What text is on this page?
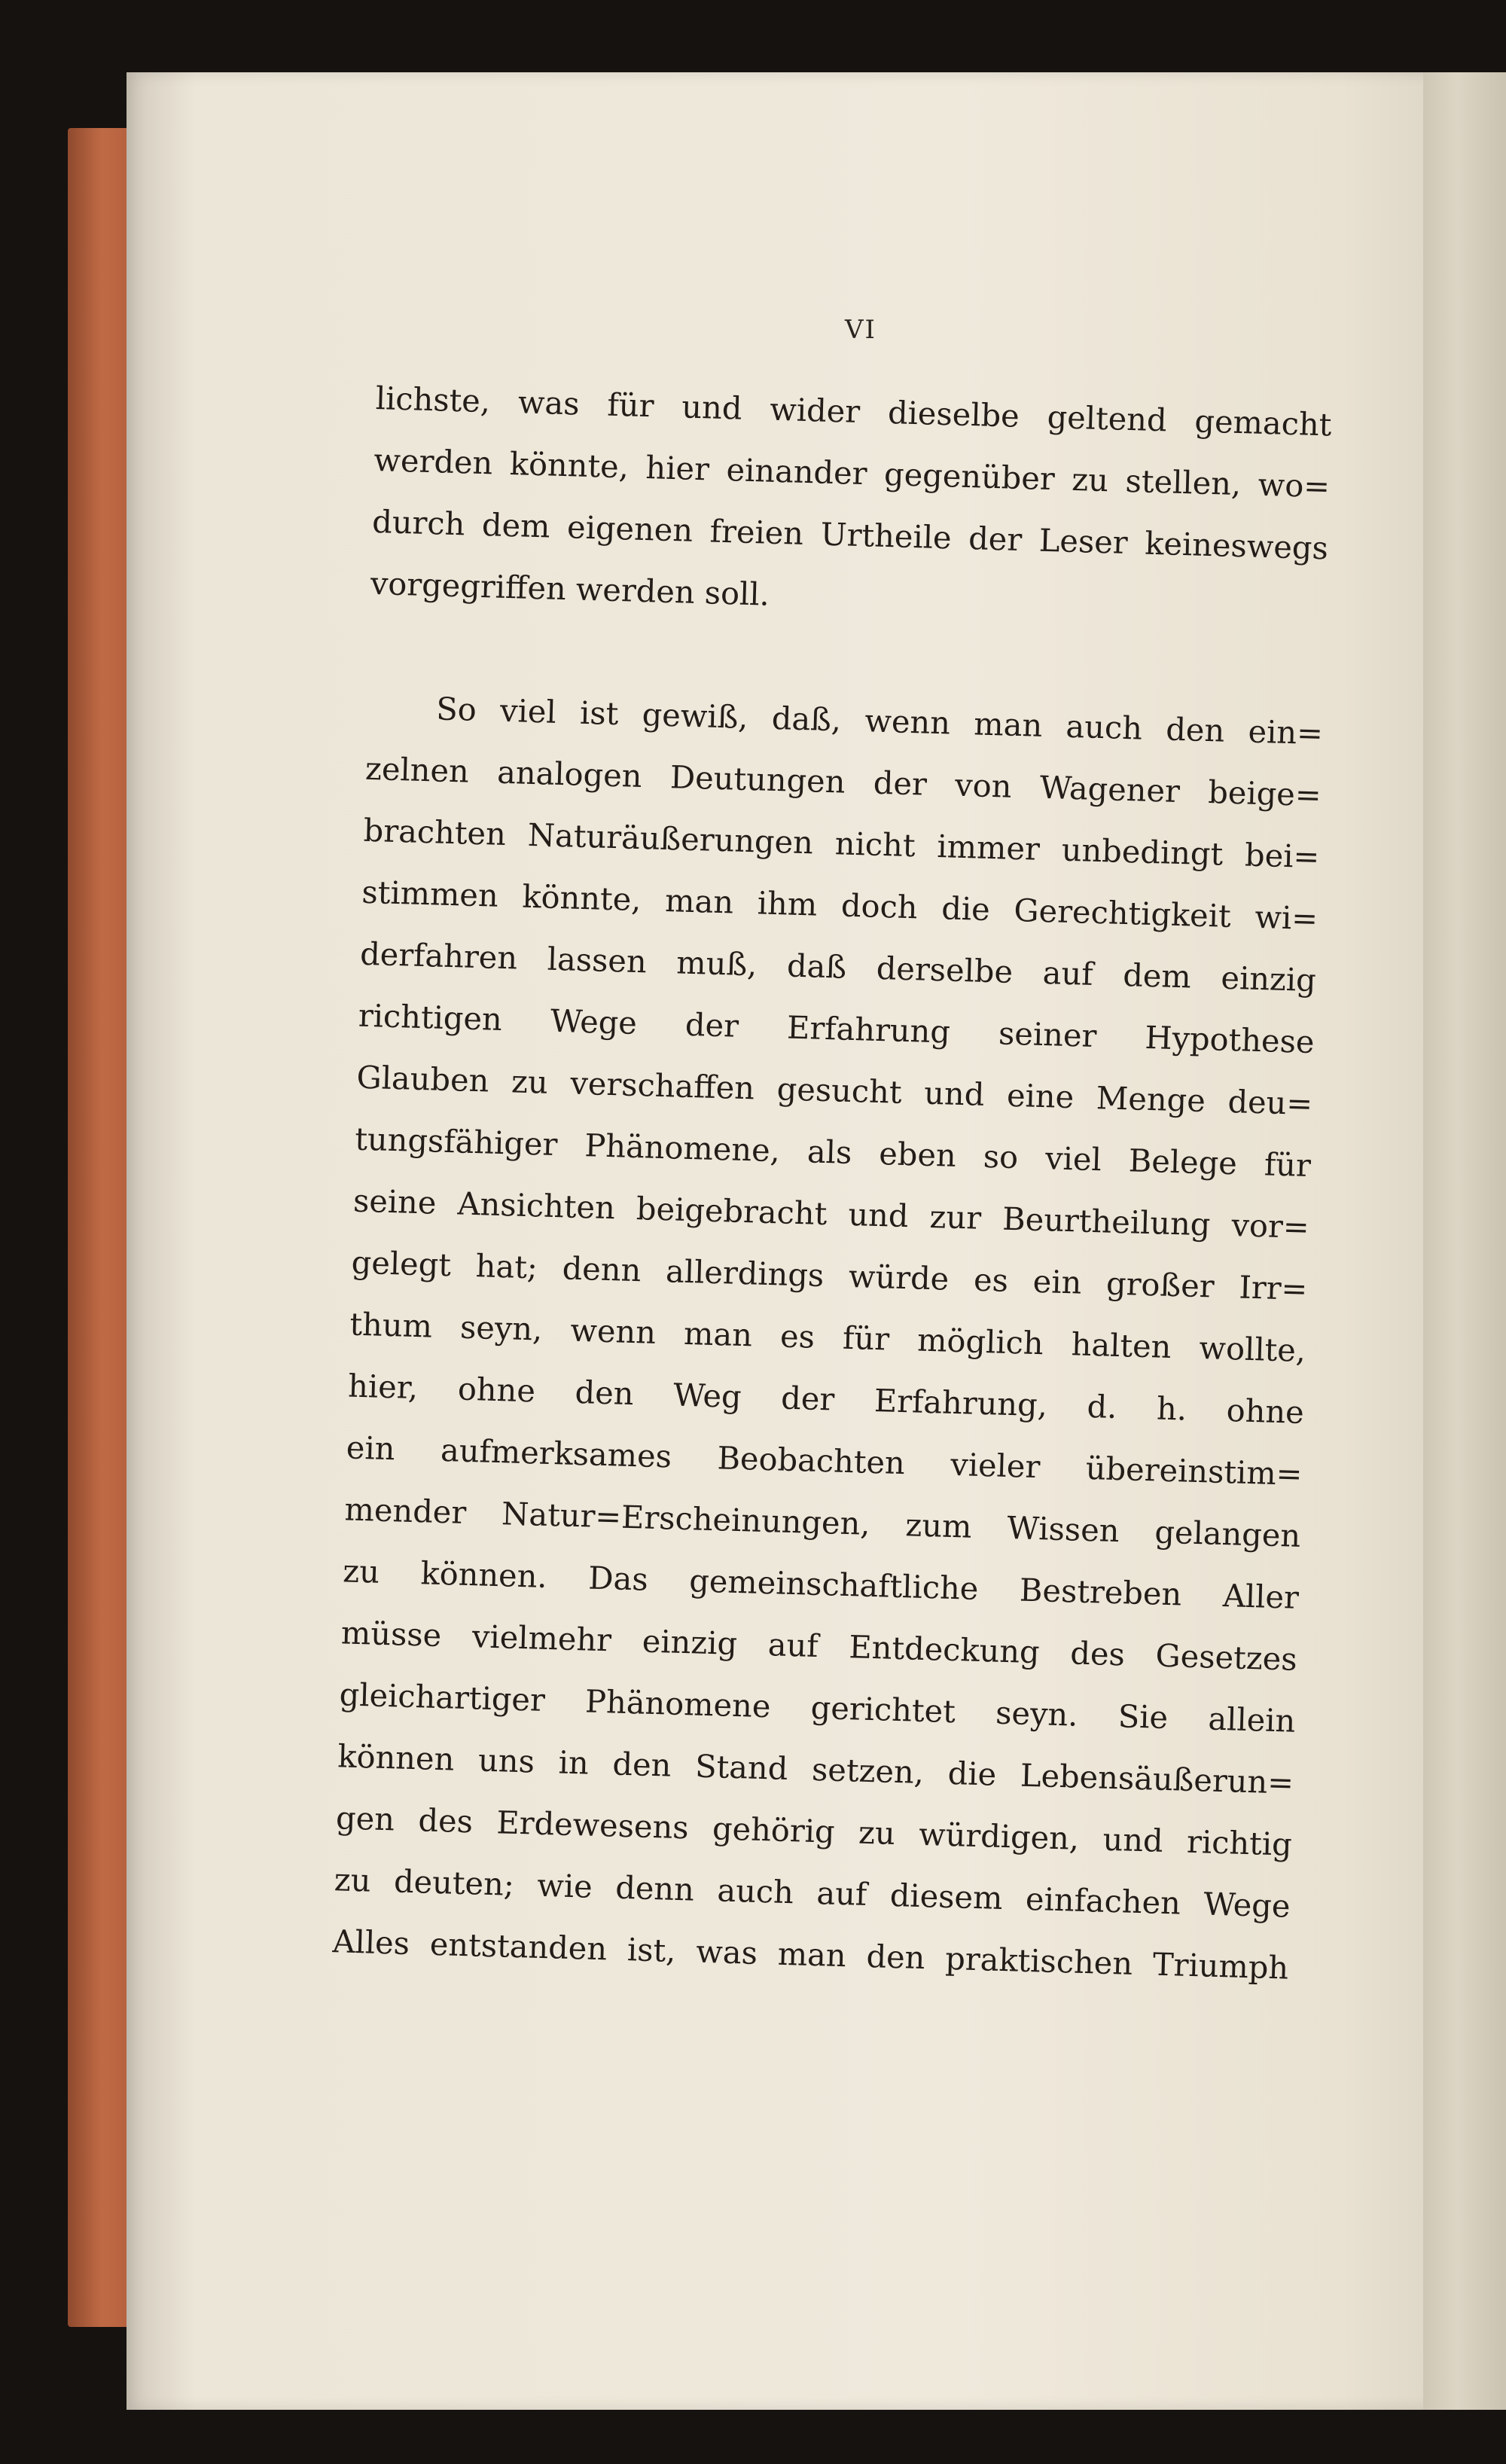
VI
lichste, was für und wider dieselbe geltend gemacht
werden könnte, hier einander gegenüber zu stellen, wo=
durch dem eigenen freien Urtheile der Leser keineswegs
vorgegriffen werden soll.
So viel ist gewiß, daß, wenn man auch den ein=
zelnen analogen Deutungen der von Wagener beige=
brachten Naturäußerungen nicht immer unbedingt bei=
stimmen könnte, man ihm doch die Gerechtigkeit wi=
derfahren lassen muß, daß derselbe auf dem einzig
richtigen Wege der Erfahrung seiner Hypothese
Glauben zu verschaffen gesucht und eine Menge deu=
tungsfähiger Phänomene, als eben so viel Belege für
seine Ansichten beigebracht und zur Beurtheilung vor=
gelegt hat; denn allerdings würde es ein großer Irr=
thum seyn, wenn man es für möglich halten wollte,
hier, ohne den Weg der Erfahrung, d. h. ohne
ein aufmerksames Beobachten vieler übereinstim=
mender Natur=Erscheinungen, zum Wissen gelangen
zu können. Das gemeinschaftliche Bestreben Aller
müsse vielmehr einzig auf Entdeckung des Gesetzes
gleichartiger Phänomene gerichtet seyn. Sie allein
können uns in den Stand setzen, die Lebensäußerun=
gen des Erdewesens gehörig zu würdigen, und richtig
zu deuten; wie denn auch auf diesem einfachen Wege
Alles entstanden ist, was man den praktischen Triumph
